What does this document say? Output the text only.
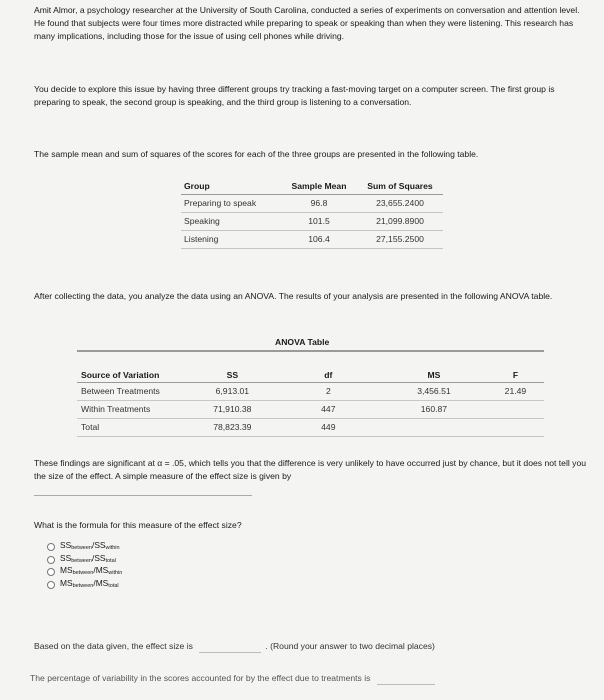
Amit Almor, a psychology researcher at the University of South Carolina, conducted a series of experiments on conversation and attention level. He found that subjects were four times more distracted while preparing to speak or speaking than when they were listening. This research has many implications, including those for the issue of using cell phones while driving.

You decide to explore this issue by having three different groups try tracking a fast-moving target on a computer screen. The first group is preparing to speak, the second group is speaking, and the third group is listening to a conversation.

The sample mean and sum of squares of the scores for each of the three groups are presented in the following table.

Group	Sample Mean	Sum of Squares
Preparing to speak	96.8	23,655.2400
Speaking	101.5	21,099.8900
Listening	106.4	27,155.2500

After collecting the data, you analyze the data using an ANOVA. The results of your analysis are presented in the following ANOVA table.

ANOVA Table
Source of Variation	SS	df	MS	F
Between Treatments	6,913.01	2	3,456.51	21.49
Within Treatments	71,910.38	447	160.87	
Total	78,823.39	449		

These findings are significant at α = .05, which tells you that the difference is very unlikely to have occurred just by chance, but it does not tell you the size of the effect. A simple measure of the effect size is given by

What is the formula for this measure of the effect size?
$SS_{between}/SS_{within}$
$SS_{between}/SS_{total}$
$MS_{between}/MS_{within}$
$MS_{between}/MS_{total}$
Based on the data given, the effect size is	. (Round your answer to two decimal places)
The percentage of variability in the scores accounted for by the effect due to treatments is
